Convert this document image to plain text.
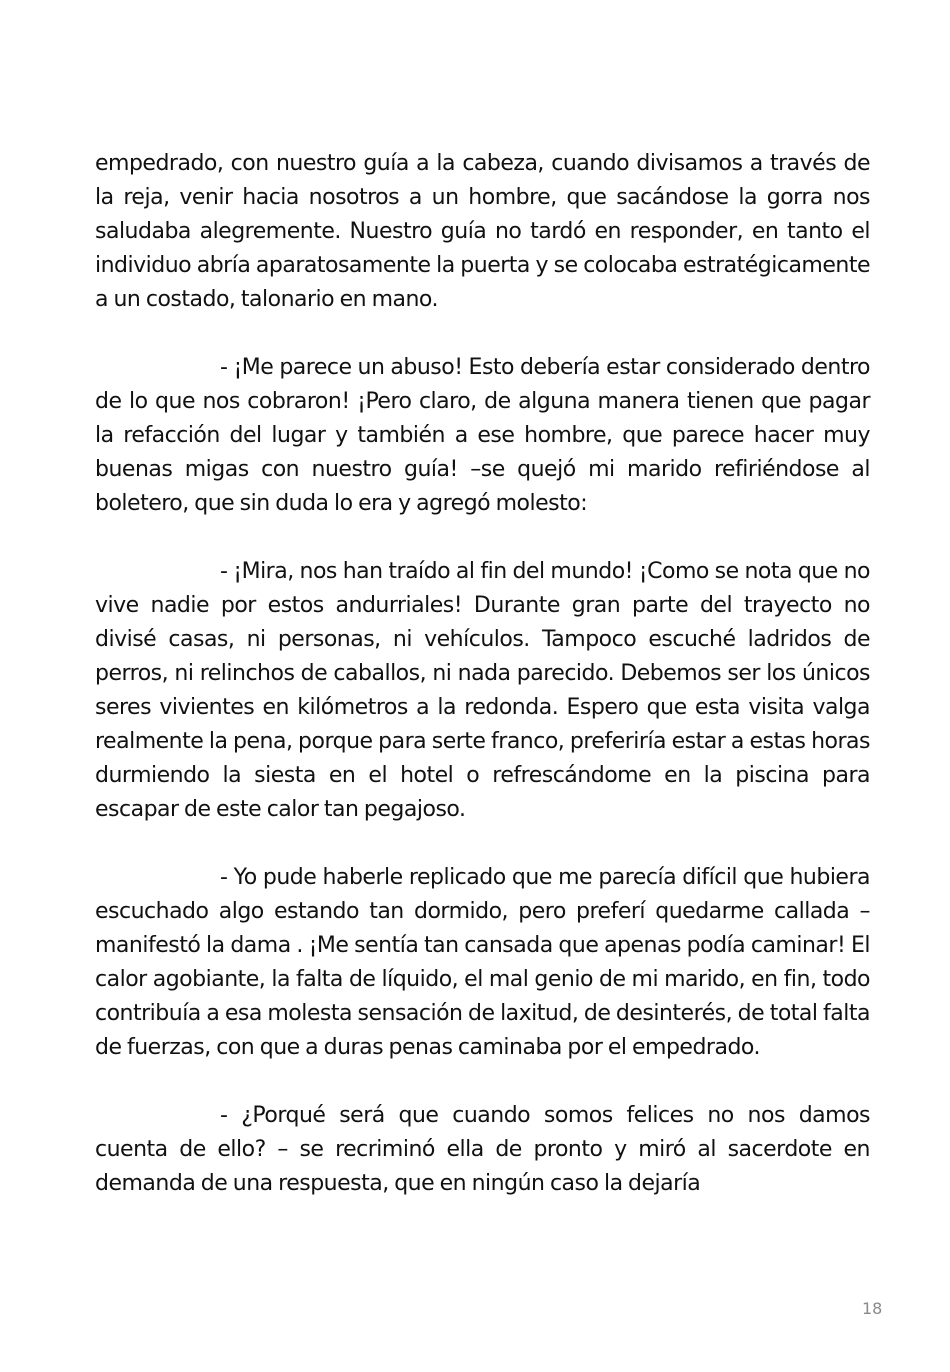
empedrado, con nuestro guía a la cabeza, cuando divisamos a través de la reja, venir hacia nosotros a un hombre, que sacándose la gorra nos saludaba alegremente. Nuestro guía no tardó en responder, en tanto el individuo abría aparatosamente la puerta y se colocaba estratégicamente a un costado, talonario en mano.

- ¡Me parece un abuso! Esto debería estar considerado dentro de lo que nos cobraron! ¡Pero claro, de alguna manera tienen que pagar la refacción del lugar y también a ese hombre, que parece hacer muy buenas migas con nuestro guía! –se quejó mi marido refiriéndose al boletero, que sin duda lo era y agregó molesto:

- ¡Mira, nos han traído al fin del mundo! ¡Como se nota que no vive nadie por estos andurriales! Durante gran parte del trayecto no divisé casas, ni personas, ni vehículos. Tampoco escuché ladridos de perros, ni relinchos de caballos, ni nada parecido. Debemos ser los únicos seres vivientes en kilómetros a la redonda. Espero que esta visita valga realmente la pena, porque para serte franco, preferiría estar a estas horas durmiendo la siesta en el hotel o refrescándome en la piscina para escapar de este calor tan pegajoso.

- Yo pude haberle replicado que me parecía difícil que hubiera escuchado algo estando tan dormido, pero preferí quedarme callada – manifestó la dama . ¡Me sentía tan cansada que apenas podía caminar! El calor agobiante, la falta de líquido, el mal genio de mi marido, en fin, todo contribuía a esa molesta sensación de laxitud, de desinterés, de total falta de fuerzas, con que a duras penas caminaba por el empedrado.

- ¿Porqué será que cuando somos felices no nos damos cuenta de ello? – se recriminó ella de pronto y miró al sacerdote en demanda de una respuesta, que en ningún caso la dejaría

18
